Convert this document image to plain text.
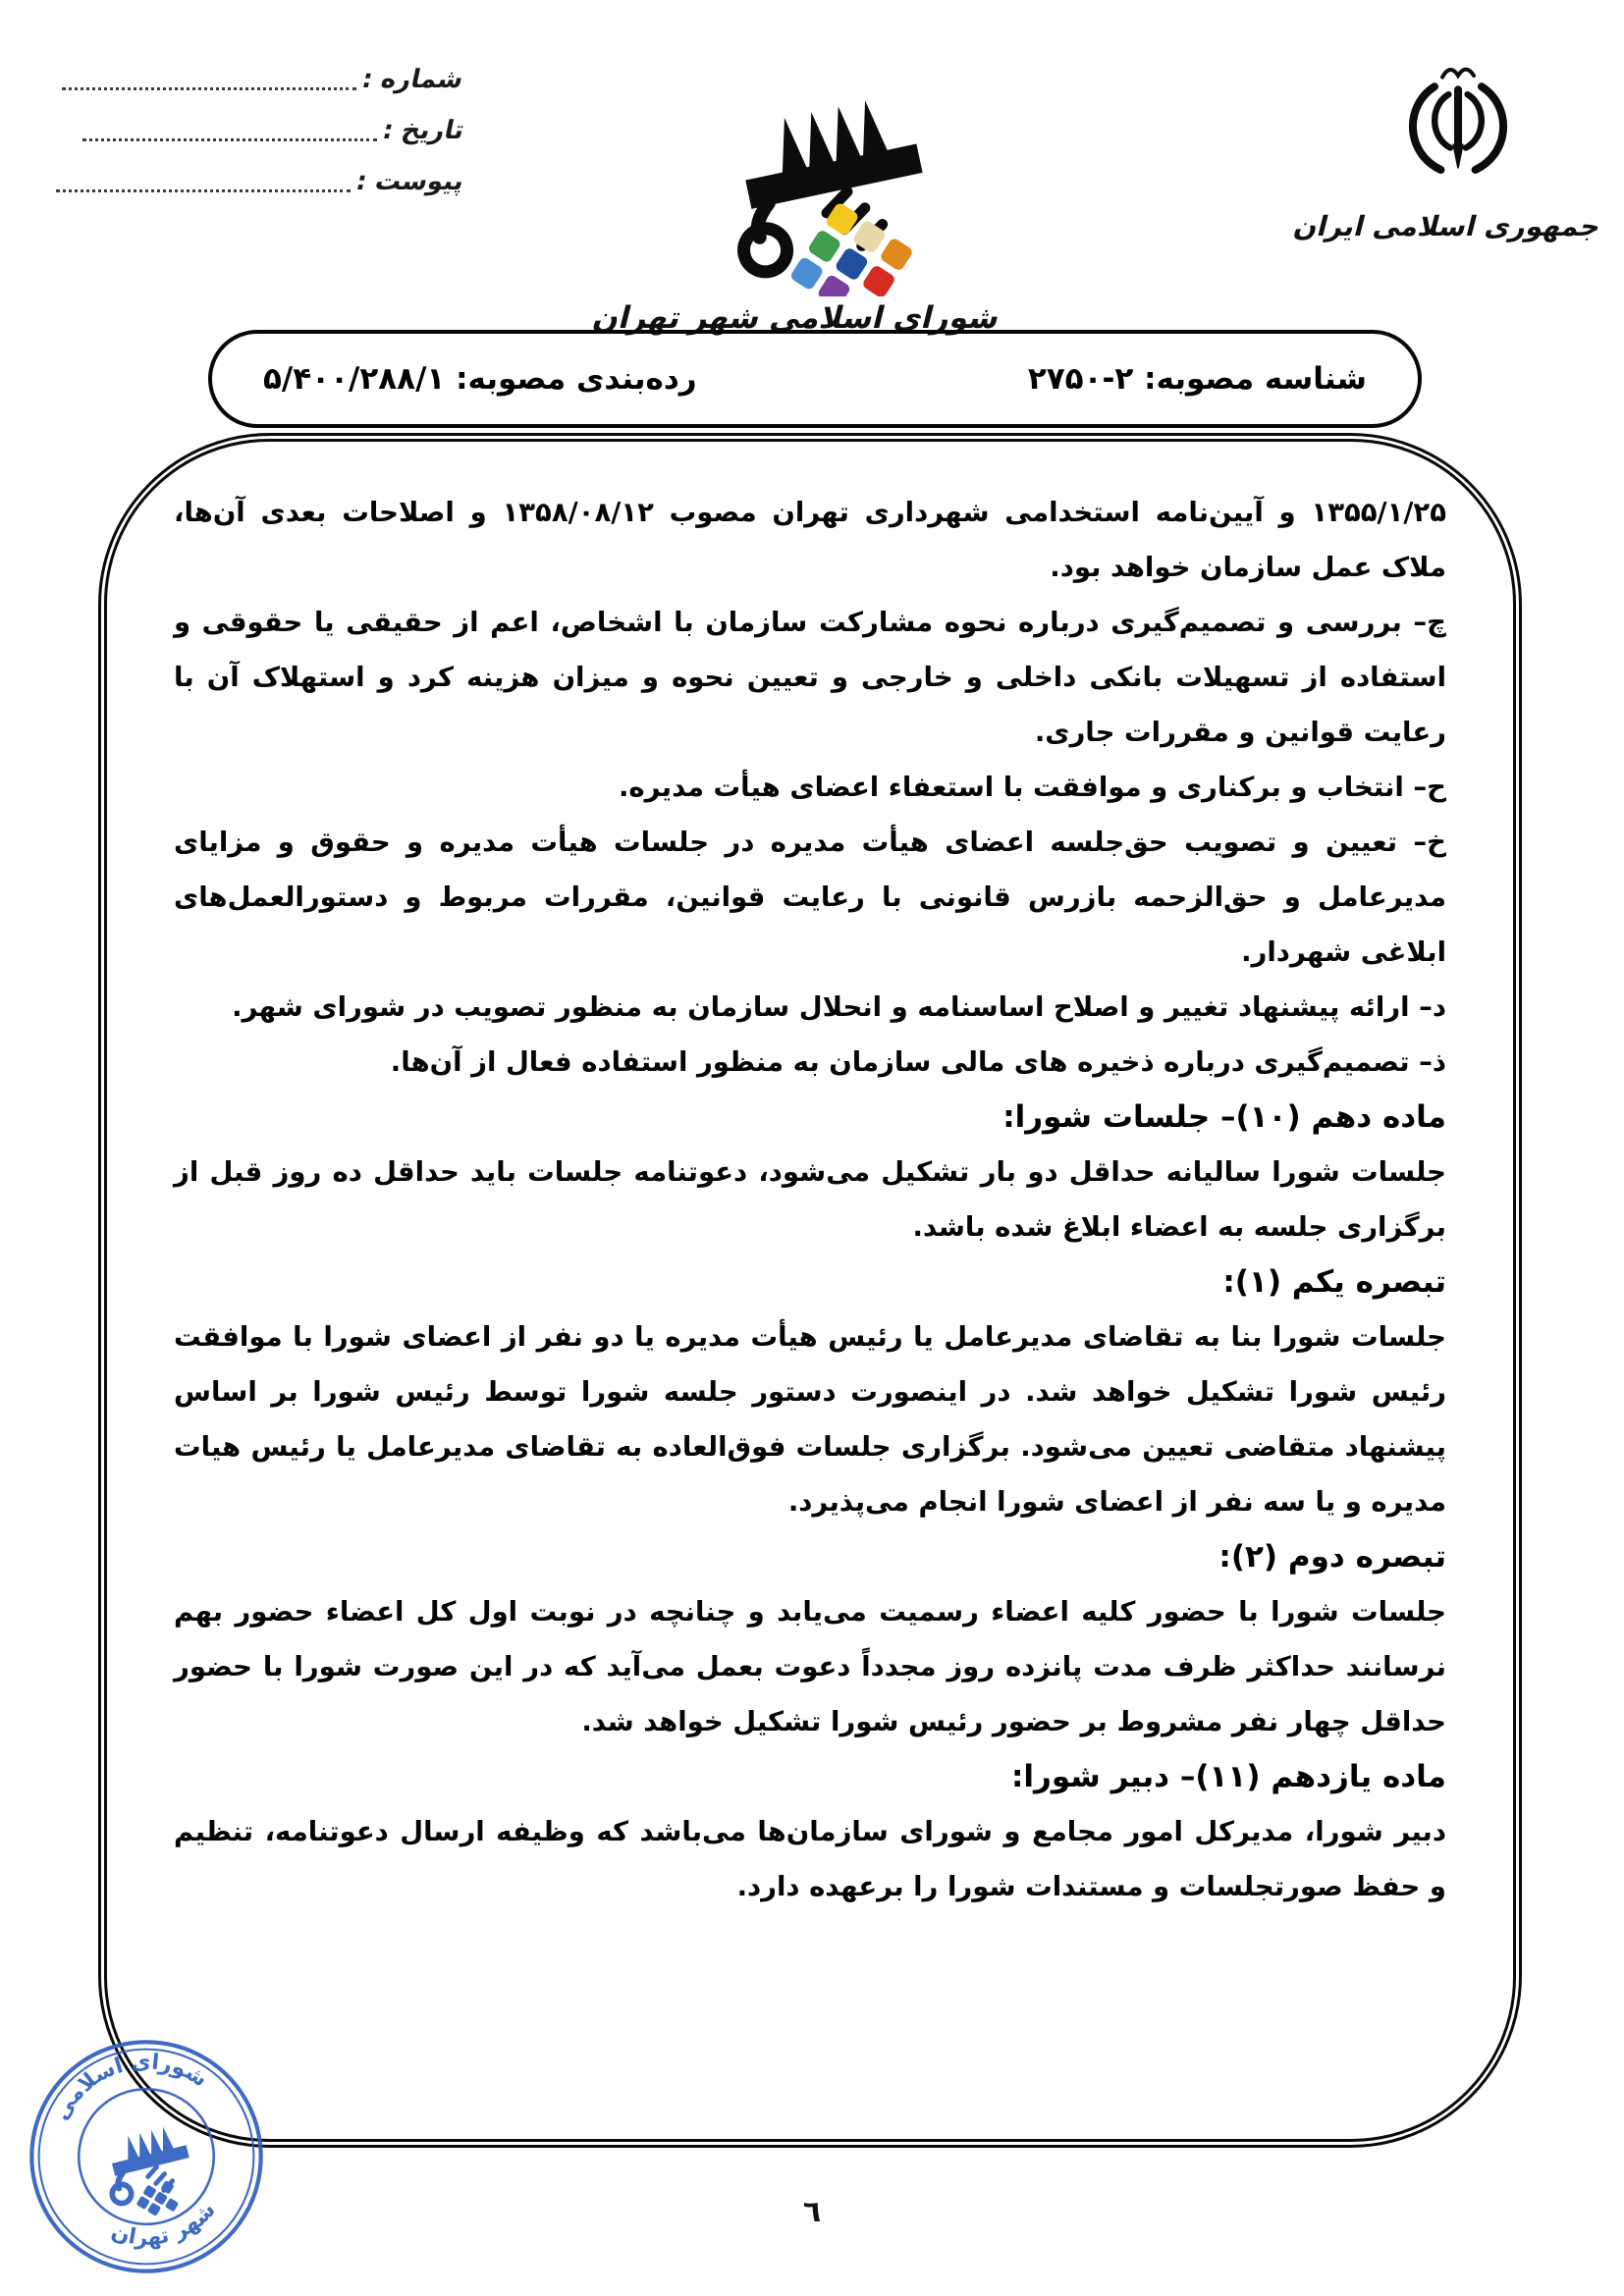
شماره :
تاریخ :
پیوست :
شورای اسلامی شهر تهران
جمهوری اسلامی ایران
شناسه مصوبه: ۲-۲۷۵۰
رده‌بندی مصوبه: ۵/۴۰۰/۲۸۸/۱

۱۳۵۵/۱/۲۵ و آیین‌نامه استخدامی شهرداری تهران مصوب ۱۳۵۸/۰۸/۱۲ و اصلاحات بعدی آن‌ها، ملاک عمل سازمان خواهد بود.

چ– بررسی و تصمیم‌گیری درباره نحوه مشارکت سازمان با اشخاص، اعم از حقیقی یا حقوقی و استفاده از تسهیلات بانکی داخلی و خارجی و تعیین نحوه و میزان هزینه کرد و استهلاک آن با رعایت قوانین و مقررات جاری.

ح– انتخاب و برکناری و موافقت با استعفاء اعضای هیأت مدیره.

خ– تعیین و تصویب حق‌جلسه اعضای هیأت مدیره در جلسات هیأت مدیره و حقوق و مزایای مدیرعامل و حق‌الزحمه بازرس قانونی با رعایت قوانین، مقررات مربوط و دستورالعمل‌های ابلاغی شهردار.

د– ارائه پیشنهاد تغییر و اصلاح اساسنامه و انحلال سازمان به منظور تصویب در شورای شهر.

ذ– تصمیم‌گیری درباره ذخیره های مالی سازمان به منظور استفاده فعال از آن‌ها.

ماده دهم (۱۰)– جلسات شورا:

جلسات شورا سالیانه حداقل دو بار تشکیل می‌شود، دعوتنامه جلسات باید حداقل ده روز قبل از برگزاری جلسه به اعضاء ابلاغ شده باشد.

تبصره یکم (۱):

جلسات شورا بنا به تقاضای مدیرعامل یا رئیس هیأت مدیره یا دو نفر از اعضای شورا با موافقت رئیس شورا تشکیل خواهد شد. در اینصورت دستور جلسه شورا توسط رئیس شورا بر اساس پیشنهاد متقاضی تعیین می‌شود. برگزاری جلسات فوق‌العاده به تقاضای مدیرعامل یا رئیس هیات مدیره و یا سه نفر از اعضای شورا انجام می‌پذیرد.

تبصره دوم (۲):

جلسات شورا با حضور کلیه اعضاء رسمیت می‌یابد و چنانچه در نوبت اول کل اعضاء حضور بهم نرسانند حداکثر ظرف مدت پانزده روز مجدداً دعوت بعمل می‌آید که در این صورت شورا با حضور حداقل چهار نفر مشروط بر حضور رئیس شورا تشکیل خواهد شد.

ماده یازدهم (۱۱)– دبیر شورا:

دبیر شورا، مدیرکل امور مجامع و شورای سازمان‌ها می‌باشد که وظیفه ارسال دعوتنامه، تنظیم و حفظ صورتجلسات و مستندات شورا را برعهده دارد.

شورای اسلامی
شهر تهران	٦
